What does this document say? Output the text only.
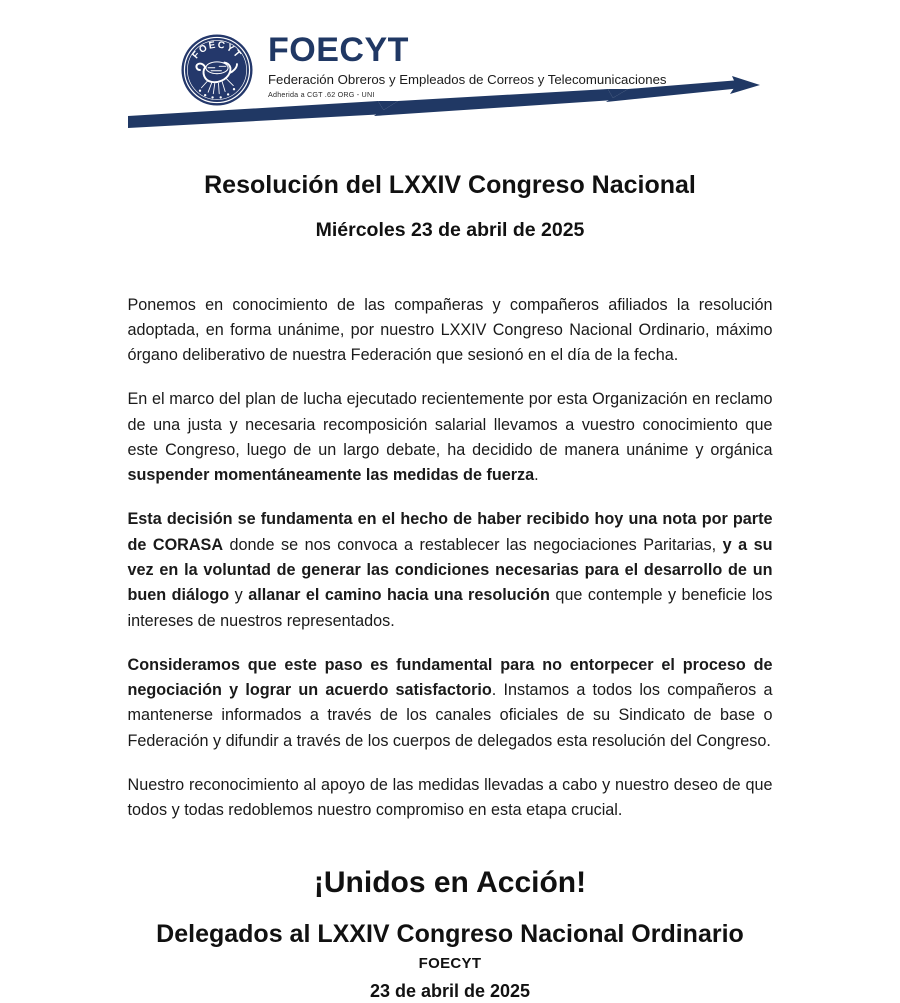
FOECYT FOECYT

Federación Obreros y Empleados de Correos y Telecomunicaciones

Adherida a CGT .62 ORG - UNI

Resolución del LXXIV Congreso Nacional
Miércoles 23 de abril de 2025

Ponemos en conocimiento de las compañeras y compañeros afiliados la resolución adoptada, en forma unánime, por nuestro LXXIV Congreso Nacional Ordinario, máximo órgano deliberativo de nuestra Federación que sesionó en el día de la fecha.

En el marco del plan de lucha ejecutado recientemente por esta Organización en reclamo de una justa y necesaria recomposición salarial llevamos a vuestro conocimiento que este Congreso, luego de un largo debate, ha decidido de manera unánime y orgánica suspender momentáneamente las medidas de fuerza.

Esta decisión se fundamenta en el hecho de haber recibido hoy una nota por parte de CORASA donde se nos convoca a restablecer las negociaciones Paritarias, y a su vez en la voluntad de generar las condiciones necesarias para el desarrollo de un buen diálogo y allanar el camino hacia una resolución que contemple y beneficie los intereses de nuestros representados.

Consideramos que este paso es fundamental para no entorpecer el proceso de negociación y lograr un acuerdo satisfactorio. Instamos a todos los compañeros a mantenerse informados a través de los canales oficiales de su Sindicato de base o Federación y difundir a través de los cuerpos de delegados esta resolución del Congreso.

Nuestro reconocimiento al apoyo de las medidas llevadas a cabo y nuestro deseo de que todos y todas redoblemos nuestro compromiso en esta etapa crucial.

¡Unidos en Acción!

Delegados al LXXIV Congreso Nacional Ordinario

FOECYT

23 de abril de 2025
